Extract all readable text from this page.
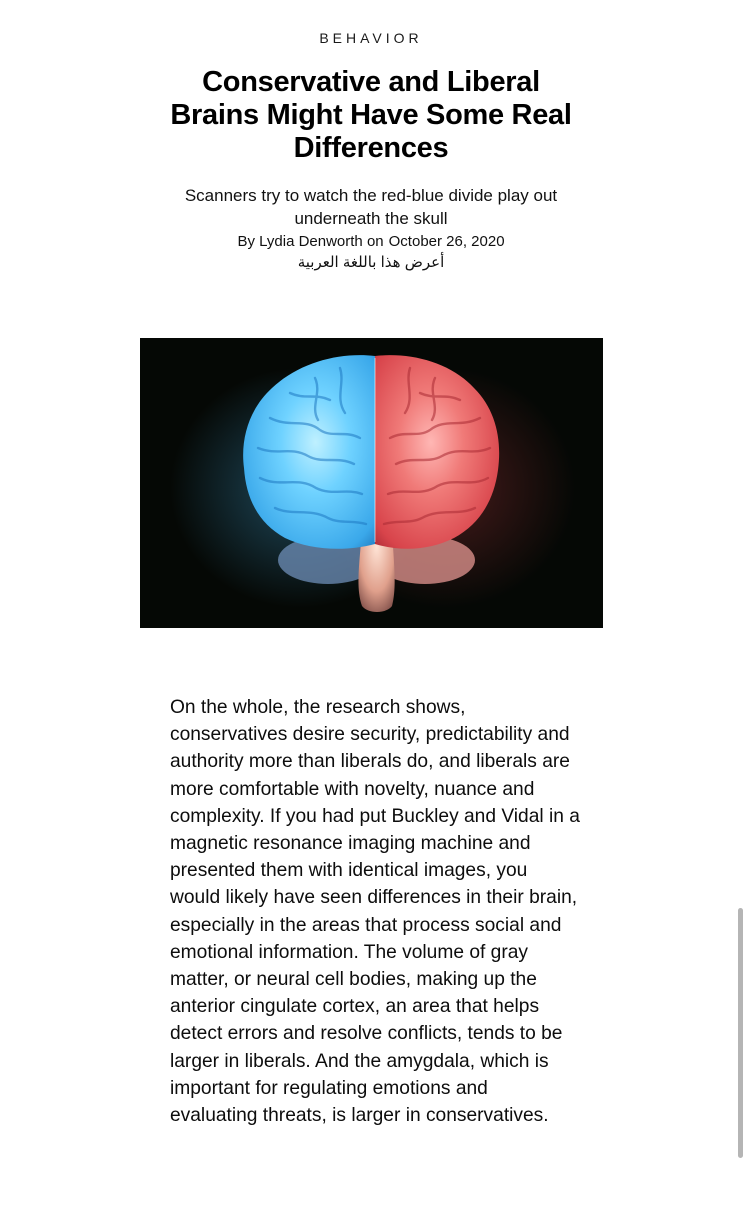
BEHAVIOR
Conservative and Liberal Brains Might Have Some Real Differences
Scanners try to watch the red-blue divide play out underneath the skull
By Lydia Denworth on October 26, 2020
أعرض هذا باللغة العربية

On the whole, the research shows, conservatives desire security, predictability and authority more than liberals do, and liberals are more comfortable with novelty, nuance and complexity. If you had put Buckley and Vidal in a magnetic resonance imaging machine and presented them with identical images, you would likely have seen differences in their brain, especially in the areas that process social and emotional information. The volume of gray matter, or neural cell bodies, making up the anterior cingulate cortex, an area that helps detect errors and resolve conflicts, tends to be larger in liberals. And the amygdala, which is important for regulating emotions and evaluating threats, is larger in conservatives.
